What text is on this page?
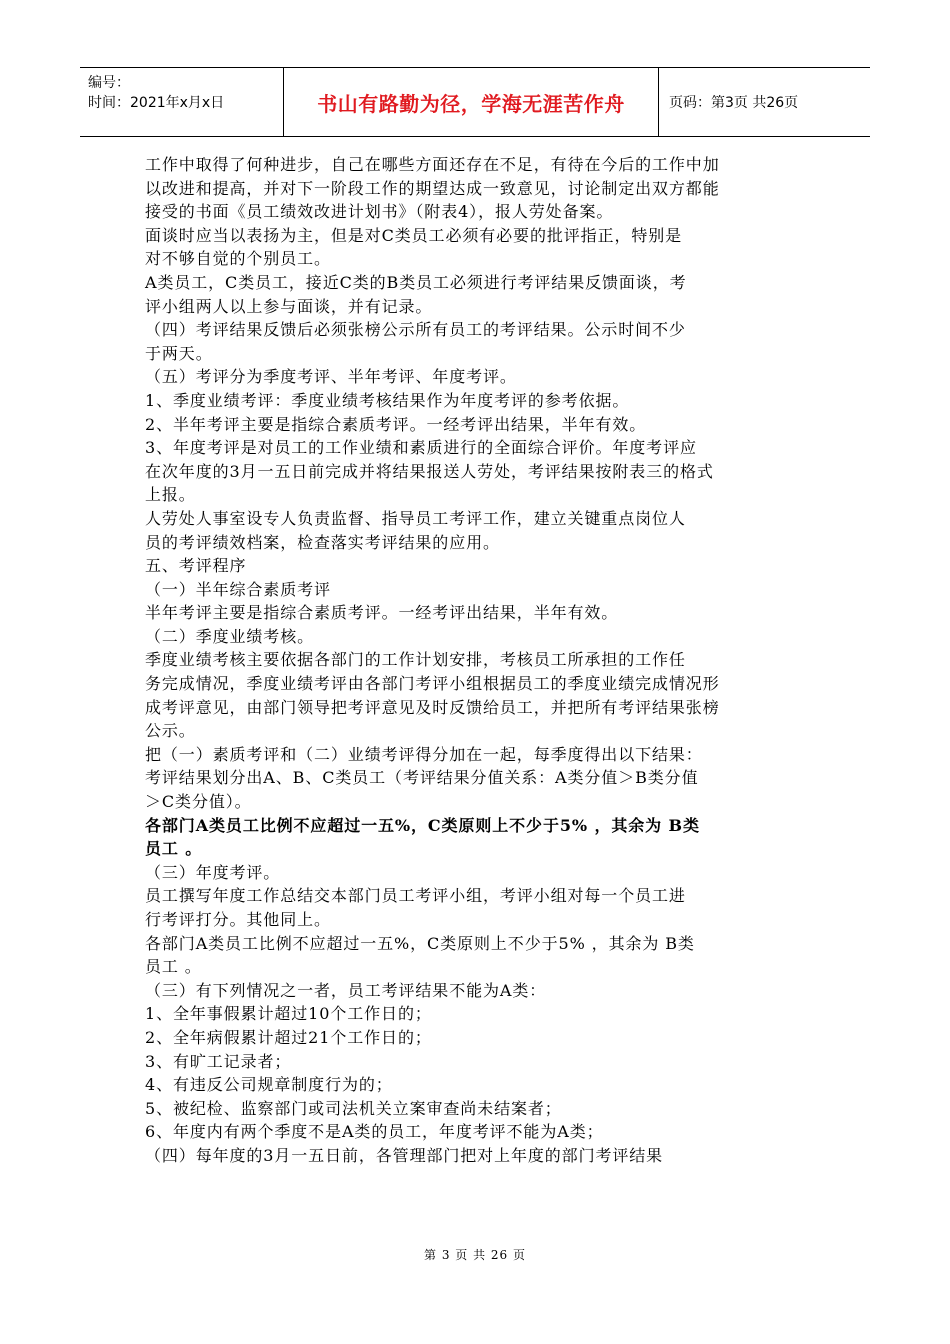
编号：
时间：2021年x月x日	书山有路勤为径，学海无涯苦作舟	页码：第3页 共26页

工作中取得了何种进步，自己在哪些方面还存在不足，有待在今后的工作中加

以改进和提高，并对下一阶段工作的期望达成一致意见，讨论制定出双方都能

接受的书面《员工绩效改进计划书》（附表4），报人劳处备案。

面谈时应当以表扬为主，但是对C类员工必须有必要的批评指正，特别是

对不够自觉的个别员工。

A类员工，C类员工，接近C类的B类员工必须进行考评结果反馈面谈，考

评小组两人以上参与面谈，并有记录。

（四）考评结果反馈后必须张榜公示所有员工的考评结果。公示时间不少

于两天。

（五）考评分为季度考评、半年考评、年度考评。

1、季度业绩考评：季度业绩考核结果作为年度考评的参考依据。

2、半年考评主要是指综合素质考评。一经考评出结果，半年有效。

3、年度考评是对员工的工作业绩和素质进行的全面综合评价。年度考评应

在次年度的3月一五日前完成并将结果报送人劳处，考评结果按附表三的格式

上报。

人劳处人事室设专人负责监督、指导员工考评工作，建立关键重点岗位人

员的考评绩效档案，检查落实考评结果的应用。

五、考评程序

（一）半年综合素质考评

半年考评主要是指综合素质考评。一经考评出结果，半年有效。

（二）季度业绩考核。

季度业绩考核主要依据各部门的工作计划安排，考核员工所承担的工作任

务完成情况，季度业绩考评由各部门考评小组根据员工的季度业绩完成情况形

成考评意见，由部门领导把考评意见及时反馈给员工，并把所有考评结果张榜

公示。

把（一）素质考评和（二）业绩考评得分加在一起，每季度得出以下结果：

考评结果划分出A、B、C类员工（考评结果分值关系：A类分值＞B类分值

＞C类分值）。

各部门A类员工比例不应超过一五%，C类原则上不少于5% ，其余为 B类

员工 。

（三）年度考评。

员工撰写年度工作总结交本部门员工考评小组，考评小组对每一个员工进

行考评打分。其他同上。

各部门A类员工比例不应超过一五%，C类原则上不少于5% ，其余为 B类

员工 。

（三）有下列情况之一者，员工考评结果不能为A类：

1、全年事假累计超过10个工作日的；

2、全年病假累计超过21个工作日的；

3、有旷工记录者；

4、有违反公司规章制度行为的；

5、被纪检、监察部门或司法机关立案审查尚未结案者；

6、年度内有两个季度不是A类的员工，年度考评不能为A类；

（四）每年度的3月一五日前，各管理部门把对上年度的部门考评结果

第 3 页 共 26 页
